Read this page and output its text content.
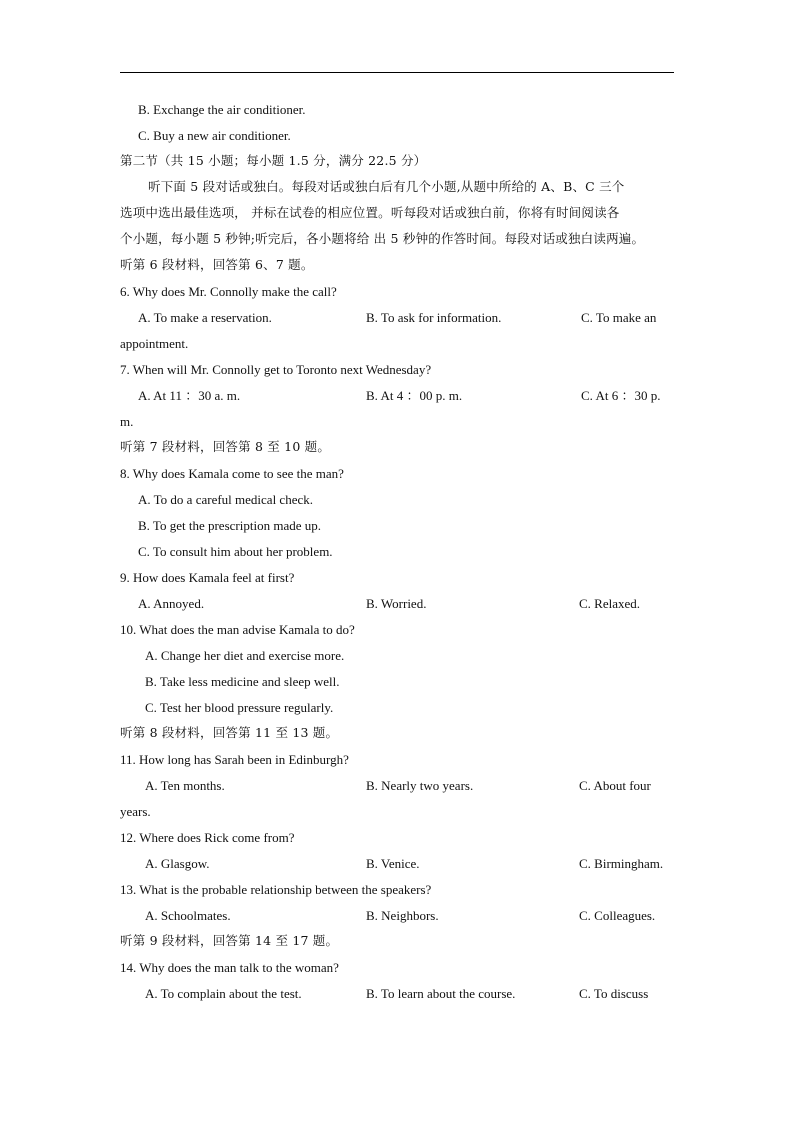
B. Exchange the air conditioner.
C. Buy a new air conditioner.
第二节（共 15 小题；每小题 1.5 分，满分 22.5 分）
听下面 5 段对话或独白。每段对话或独白后有几个小题,从题中所给的 A、B、C 三个
选项中选出最佳选项， 并标在试卷的相应位置。听每段对话或独白前，你将有时间阅读各
个小题，每小题 5 秒钟;听完后，各小题将给 出 5 秒钟的作答时间。每段对话或独白读两遍。
听第 6 段材料，回答第 6、7 题。
6. Why does Mr. Connolly make the call?
A. To make a reservation.	B. To ask for information.	C. To make an
appointment.
7. When will Mr. Connolly get to Toronto next Wednesday?
A. At 11 ：30 a. m.	B. At 4 ：00 p. m.	C. At 6 ：30 p.
m.
听第 7 段材料，回答第 8 至 10 题。
8. Why does Kamala come to see the man?
A. To do a careful medical check.
B. To get the prescription made up.
C. To consult him about her problem.
9. How does Kamala feel at first?
A. Annoyed.	B. Worried.	C. Relaxed.
10. What does the man advise Kamala to do?
A. Change her diet and exercise more.
B. Take less medicine and sleep well.
C. Test her blood pressure regularly.
听第 8 段材料，回答第 11 至 13 题。
11. How long has Sarah been in Edinburgh?
A. Ten months.	B. Nearly two years.	C. About four
years.
12. Where does Rick come from?
A. Glasgow.	B. Venice.	C. Birmingham.
13. What is the probable relationship between the speakers?
A. Schoolmates.	B. Neighbors.	C. Colleagues.
听第 9 段材料，回答第 14 至 17 题。
14. Why does the man talk to the woman?
A. To complain about the test.	B. To learn about the course.	C. To discuss
